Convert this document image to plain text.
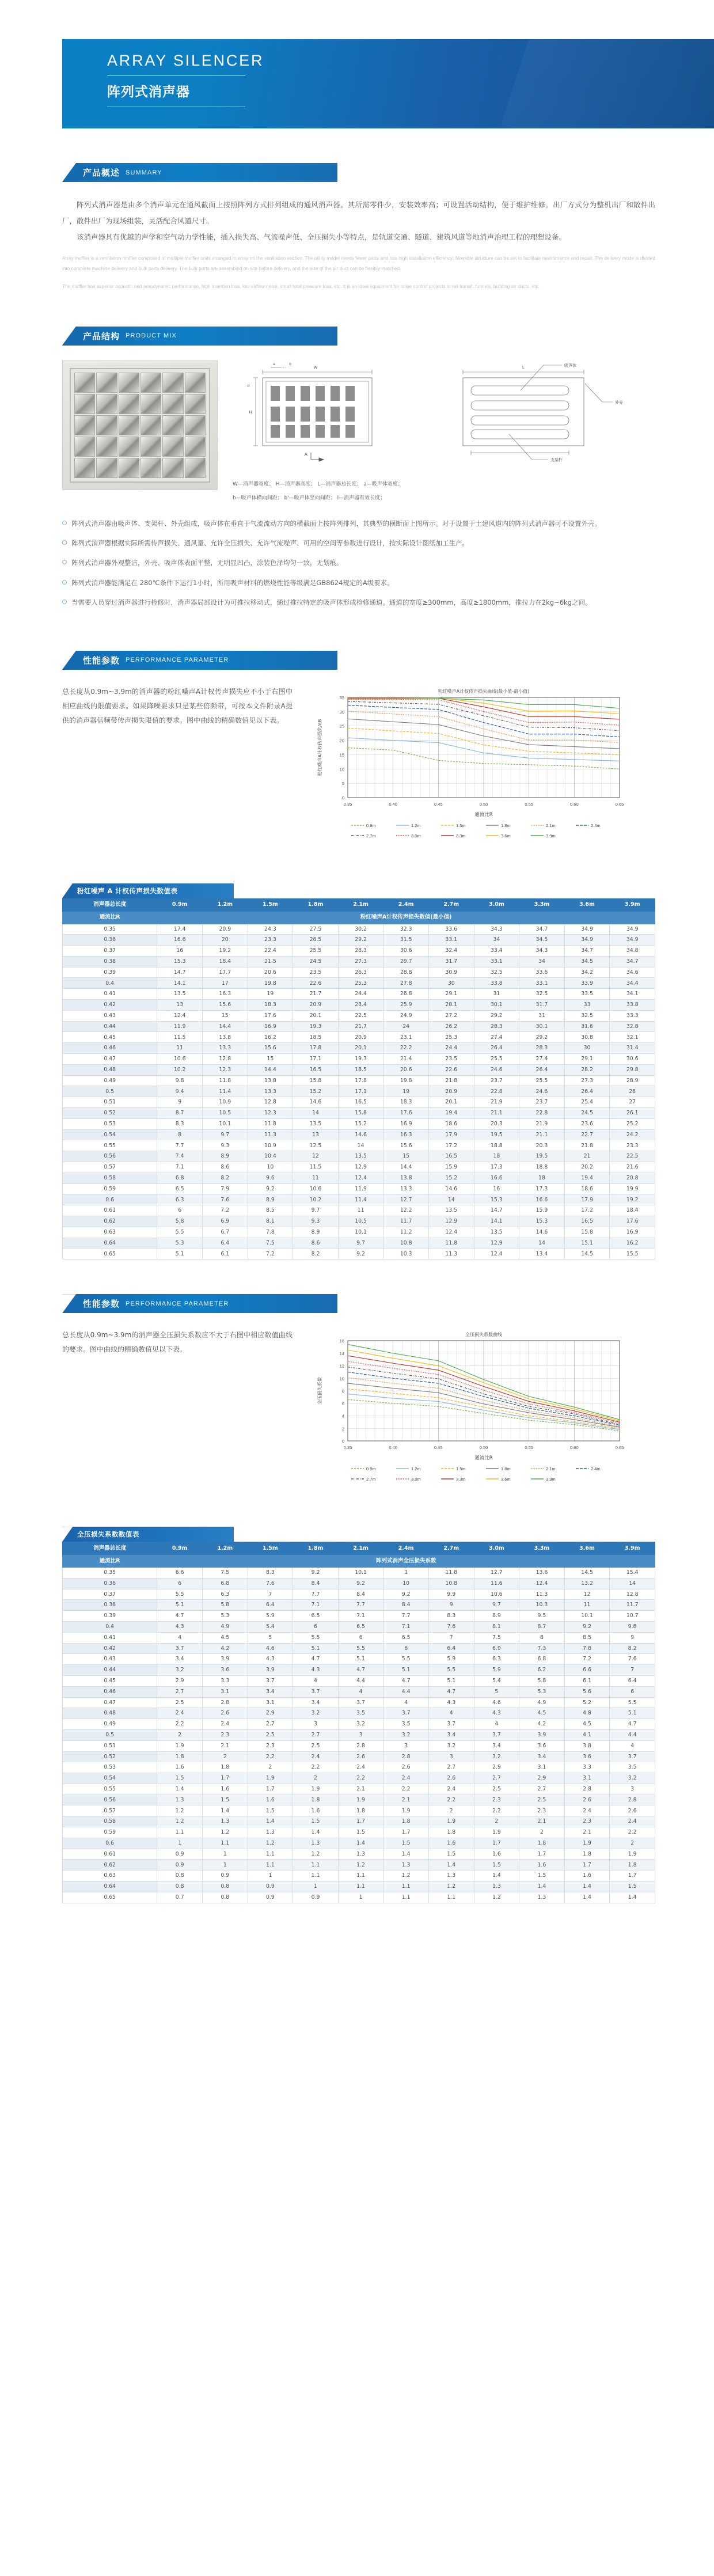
ARRAY SILENCER
阵列式消声器
产品概述 SUMMARY

阵列式消声器是由多个消声单元在通风截面上按照阵列方式排列组成的通风消声器。其所需零件少，安装效率高；可设置活动结构，便于维护维修。出厂方式分为整机出厂和散件出厂，散件出厂为现场组装，灵活配合风道尺寸。

该消声器具有优越的声学和空气动力学性能，插入损失高、气流噪声低、全压损失小等特点，是轨道交通、隧道、建筑风道等地消声治理工程的理想设备。

Array muffler is a ventilation muffler composed of multiple muffler units arranged in array on the ventilation section. The utility model needs fewer parts and has high installation efficiency; Movable structure can be set to facilitate maintenance and repair. The delivery mode is divided into complete machine delivery and bulk parts delivery. The bulk parts are assembled on site before delivery, and the size of the air duct can be flexibly matched.

The muffler has superior acoustic and aerodynamic performance, high insertion loss, low airflow noise, small total pressure loss, etc. It is an ideal equipment for noise control projects in rail transit, tunnels, building air ducts, etc.

产品结构 PRODUCT MIX
W
H
a	b
b'
A
L	吸声体
外壳
支架杆
W—消声器宽度； H—消声器高度； L—消声器总长度； a—吸声体宽度；
b—吸声体横向间距； b'—吸声体竖向间距； l—消声器有效长度；
阵列式消声器由吸声体、支架杆、外壳组成，吸声体在垂直于气流流动方向的横截面上按阵列排列，其典型的横断面上图所示。对于设置于土建风道内的阵列式消声器可不设置外壳。
阵列式消声器根据实际所需传声损失、通风量、允许全压损失、允许气流噪声、可用的空间等参数进行设计，按实际设计图纸加工生产。
阵列式消声器外观整洁，外壳、吸声体表面平整，无明显凹凸，涂装色泽均匀一致，无划痕。
阵列式消声器能满足在 280℃条件下运行1小时，所用吸声材料的燃烧性能等级满足GB8624规定的A级要求。
当需要人员穿过消声器进行检修时，消声器局部设计为可推拉移动式，通过推拉特定的吸声体形成检修通道。通道的宽度≥300mm，高度≥1800mm，推拉力在2kg~6kg之间。
性能参数 PERFORMANCE PARAMETER
总长度从0.9m~3.9m的消声器的粉红噪声A计权传声损失应不小于右图中相应曲线的限值要求。如果降噪要求只是某些倍频带，可按本文件附录A提供的消声器倍频带传声损失限值的要求。图中曲线的精确数值见以下表。
0
5
10
15
20
25
30
35
0.35	0.40	0.45	0.50	0.55	0.60	0.65
通流比R
粉红噪声A计权传声损失/dB
粉红噪声A计权传声损失曲线(最小值-最小值)
0.9m	1.2m	1.5m	1.8m	2.1m	2.4m
2.7m	3.0m	3.3m	3.6m	3.9m
粉红噪声 A 计权传声损失数值表
消声器总长度	0.9m	1.2m	1.5m	1.8m	2.1m	2.4m	2.7m	3.0m	3.3m	3.6m	3.9m
通流比R	粉红噪声A计权传声损失数值(最小值)										
0.35	17.4	20.9	24.3	27.5	30.2	32.3	33.6	34.3	34.7	34.9	34.9
0.36	16.6	20	23.3	26.5	29.2	31.5	33.1	34	34.5	34.9	34.9
0.37	16	19.2	22.4	25.5	28.3	30.6	32.4	33.4	34.3	34.7	34.8
0.38	15.3	18.4	21.5	24.5	27.3	29.7	31.7	33.1	34	34.5	34.7
0.39	14.7	17.7	20.6	23.5	26.3	28.8	30.9	32.5	33.6	34.2	34.6
0.4	14.1	17	19.8	22.6	25.3	27.8	30	33.8	33.1	33.9	34.4
0.41	13.5	16.3	19	21.7	24.4	26.8	29.1	31	32.5	33.5	34.1
0.42	13	15.6	18.3	20.9	23.4	25.9	28.1	30.1	31.7	33	33.8
0.43	12.4	15	17.6	20.1	22.5	24.9	27.2	29.2	31	32.5	33.3
0.44	11.9	14.4	16.9	19.3	21.7	24	26.2	28.3	30.1	31.6	32.8
0.45	11.5	13.8	16.2	18.5	20.9	23.1	25.3	27.4	29.2	30.8	32.1
0.46	11	13.3	15.6	17.8	20.1	22.2	24.4	26.4	28.3	30	31.4
0.47	10.6	12.8	15	17.1	19.3	21.4	23.5	25.5	27.4	29.1	30.6
0.48	10.2	12.3	14.4	16.5	18.5	20.6	22.6	24.6	26.4	28.2	29.8
0.49	9.8	11.8	13.8	15.8	17.8	19.8	21.8	23.7	25.5	27.3	28.9
0.5	9.4	11.4	13.3	15.2	17.1	19	20.9	22.8	24.6	26.4	28
0.51	9	10.9	12.8	14.6	16.5	18.3	20.1	21.9	23.7	25.4	27
0.52	8.7	10.5	12.3	14	15.8	17.6	19.4	21.1	22.8	24.5	26.1
0.53	8.3	10.1	11.8	13.5	15.2	16.9	18.6	20.3	21.9	23.6	25.2
0.54	8	9.7	11.3	13	14.6	16.3	17.9	19.5	21.1	22.7	24.2
0.55	7.7	9.3	10.9	12.5	14	15.6	17.2	18.8	20.3	21.8	23.3
0.56	7.4	8.9	10.4	12	13.5	15	16.5	18	19.5	21	22.5
0.57	7.1	8.6	10	11.5	12.9	14.4	15.9	17.3	18.8	20.2	21.6
0.58	6.8	8.2	9.6	11	12.4	13.8	15.2	16.6	18	19.4	20.8
0.59	6.5	7.9	9.2	10.6	11.9	13.3	14.6	16	17.3	18.6	19.9
0.6	6.3	7.6	8.9	10.2	11.4	12.7	14	15.3	16.6	17.9	19.2
0.61	6	7.2	8.5	9.7	11	12.2	13.5	14.7	15.9	17.2	18.4
0.62	5.8	6.9	8.1	9.3	10.5	11.7	12.9	14.1	15.3	16.5	17.6
0.63	5.5	6.7	7.8	8.9	10.1	11.2	12.4	13.5	14.6	15.8	16.9
0.64	5.3	6.4	7.5	8.6	9.7	10.8	11.8	12.9	14	15.1	16.2
0.65	5.1	6.1	7.2	8.2	9.2	10.3	11.3	12.4	13.4	14.5	15.5
性能参数 PERFORMANCE PARAMETER
总长度从0.9m~3.9m的消声器全压损失系数应不大于右图中相应数值曲线的要求。图中曲线的精确数值见以下表。
0
2
4
6
8
10
12
14
16
0.35	0.40	0.45	0.50	0.55	0.60	0.65
通流比R
全压损失系数
全压损失系数曲线
0.9m	1.2m	1.5m	1.8m	2.1m	2.4m
2.7m	3.0m	3.3m	3.6m	3.9m
全压损失系数数值表
消声器总长度	0.9m	1.2m	1.5m	1.8m	2.1m	2.4m	2.7m	3.0m	3.3m	3.6m	3.9m
通流比R	阵列式消声全压损失系数										
0.35	6.6	7.5	8.3	9.2	10.1	1	11.8	12.7	13.6	14.5	15.4
0.36	6	6.8	7.6	8.4	9.2	10	10.8	11.6	12.4	13.2	14
0.37	5.5	6.3	7	7.7	8.4	9.2	9.9	10.6	11.3	12	12.8
0.38	5.1	5.8	6.4	7.1	7.7	8.4	9	9.7	10.3	11	11.7
0.39	4.7	5.3	5.9	6.5	7.1	7.7	8.3	8.9	9.5	10.1	10.7
0.4	4.3	4.9	5.4	6	6.5	7.1	7.6	8.1	8.7	9.2	9.8
0.41	4	4.5	5	5.5	6	6.5	7	7.5	8	8.5	9
0.42	3.7	4.2	4.6	5.1	5.5	6	6.4	6.9	7.3	7.8	8.2
0.43	3.4	3.9	4.3	4.7	5.1	5.5	5.9	6.3	6.8	7.2	7.6
0.44	3.2	3.6	3.9	4.3	4.7	5.1	5.5	5.9	6.2	6.6	7
0.45	2.9	3.3	3.7	4	4.4	4.7	5.1	5.4	5.8	6.1	6.4
0.46	2.7	3.1	3.4	3.7	4	4.4	4.7	5	5.3	5.6	6
0.47	2.5	2.8	3.1	3.4	3.7	4	4.3	4.6	4.9	5.2	5.5
0.48	2.4	2.6	2.9	3.2	3.5	3.7	4	4.3	4.5	4.8	5.1
0.49	2.2	2.4	2.7	3	3.2	3.5	3.7	4	4.2	4.5	4.7
0.5	2	2.3	2.5	2.7	3	3.2	3.4	3.7	3.9	4.1	4.4
0.51	1.9	2.1	2.3	2.5	2.8	3	3.2	3.4	3.6	3.8	4
0.52	1.8	2	2.2	2.4	2.6	2.8	3	3.2	3.4	3.6	3.7
0.53	1.6	1.8	2	2.2	2.4	2.6	2.7	2.9	3.1	3.3	3.5
0.54	1.5	1.7	1.9	2	2.2	2.4	2.6	2.7	2.9	3.1	3.2
0.55	1.4	1.6	1.7	1.9	2.1	2.2	2.4	2.5	2.7	2.8	3
0.56	1.3	1.5	1.6	1.8	1.9	2.1	2.2	2.3	2.5	2.6	2.8
0.57	1.2	1.4	1.5	1.6	1.8	1.9	2	2.2	2.3	2.4	2.6
0.58	1.2	1.3	1.4	1.5	1.7	1.8	1.9	2	2.1	2.3	2.4
0.59	1.1	1.2	1.3	1.4	1.5	1.7	1.8	1.9	2	2.1	2.2
0.6	1	1.1	1.2	1.3	1.4	1.5	1.6	1.7	1.8	1.9	2
0.61	0.9	1	1.1	1.2	1.3	1.4	1.5	1.6	1.7	1.8	1.9
0.62	0.9	1	1.1	1.1	1.2	1.3	1.4	1.5	1.6	1.7	1.8
0.63	0.8	0.9	1	1.1	1.1	1.2	1.3	1.4	1.5	1.6	1.7
0.64	0.8	0.8	0.9	1	1.1	1.1	1.2	1.3	1.4	1.4	1.5
0.65	0.7	0.8	0.9	0.9	1	1.1	1.1	1.2	1.3	1.4	1.4
